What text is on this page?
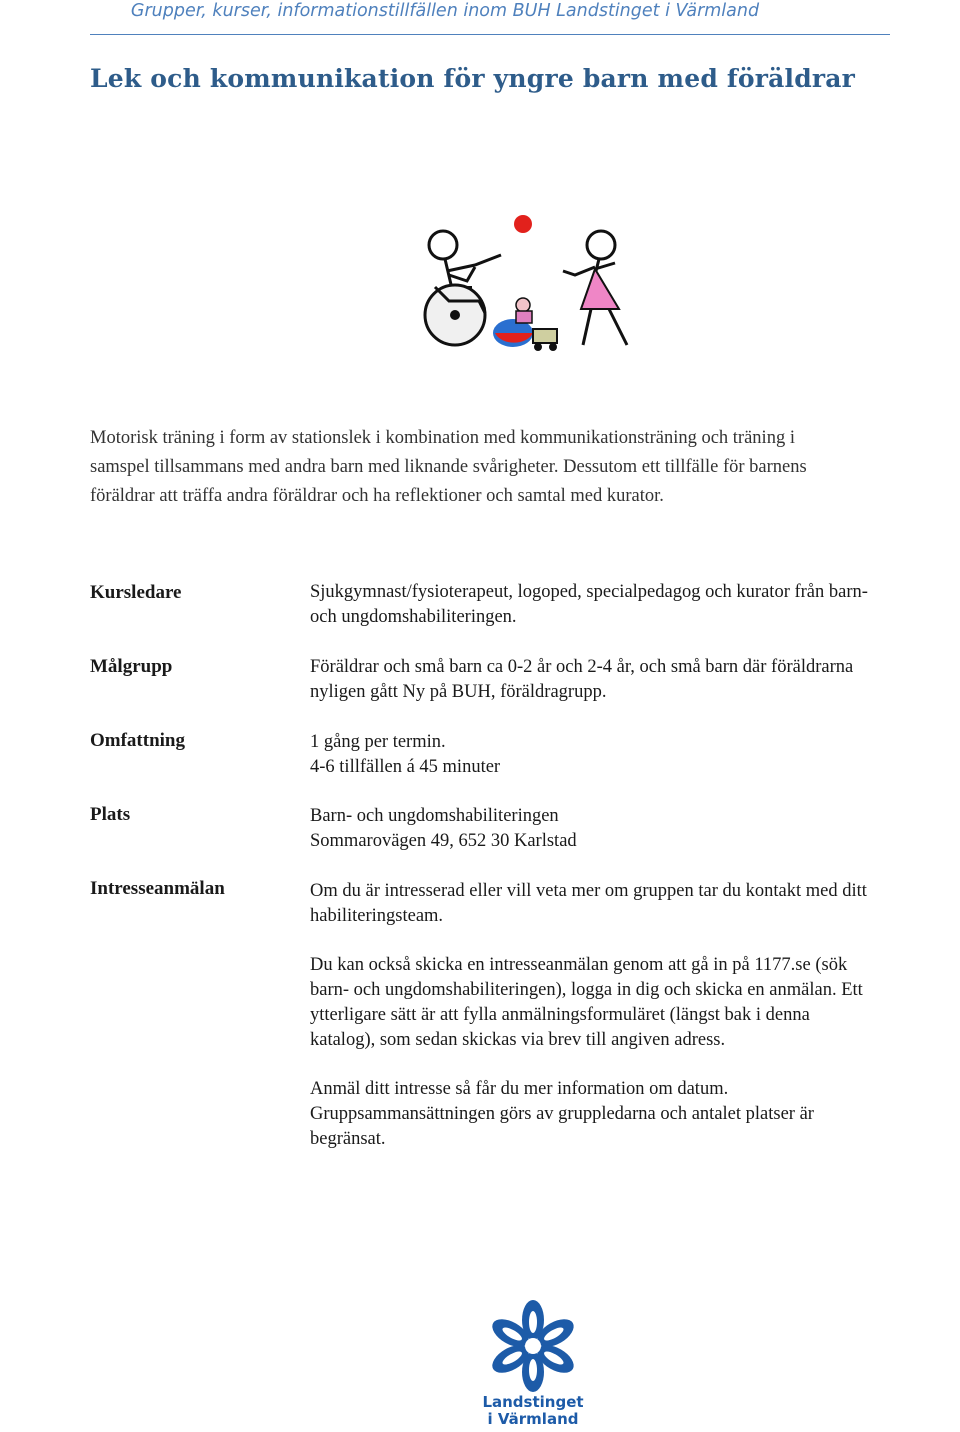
Grupper, kurser, informationstillfällen inom BUH Landstinget i Värmland
Lek och kommunikation för yngre barn med föräldrar
Motorisk träning i form av stationslek i kombination med kommunikationsträning och träning i
samspel tillsammans med andra barn med liknande svårigheter. Dessutom ett tillfälle för barnens
föräldrar att träffa andra föräldrar och ha reflektioner och samtal med kurator.
Kursledare
Målgrupp
Omfattning
Plats
Intresseanmälan
Sjukgymnast/fysioterapeut, logoped, specialpedagog och kurator från barn-
och ungdomshabiliteringen.
Föräldrar och små barn ca 0-2 år och 2-4 år, och små barn där föräldrarna
nyligen gått Ny på BUH, föräldragrupp.
1 gång per termin.
4-6 tillfällen á 45 minuter
Barn- och ungdomshabiliteringen
Sommarovägen 49, 652 30 Karlstad
Om du är intresserad eller vill veta mer om gruppen tar du kontakt med ditt
habiliteringsteam.
Du kan också skicka en intresseanmälan genom att gå in på 1177.se (sök
barn- och ungdomshabiliteringen), logga in dig och skicka en anmälan. Ett
ytterligare sätt är att fylla anmälningsformuläret (längst bak i denna
katalog), som sedan skickas via brev till angiven adress.
Anmäl ditt intresse så får du mer information om datum.
Gruppsammansättningen görs av gruppledarna och antalet platser är
begränsat.
Landstinget
i Värmland
